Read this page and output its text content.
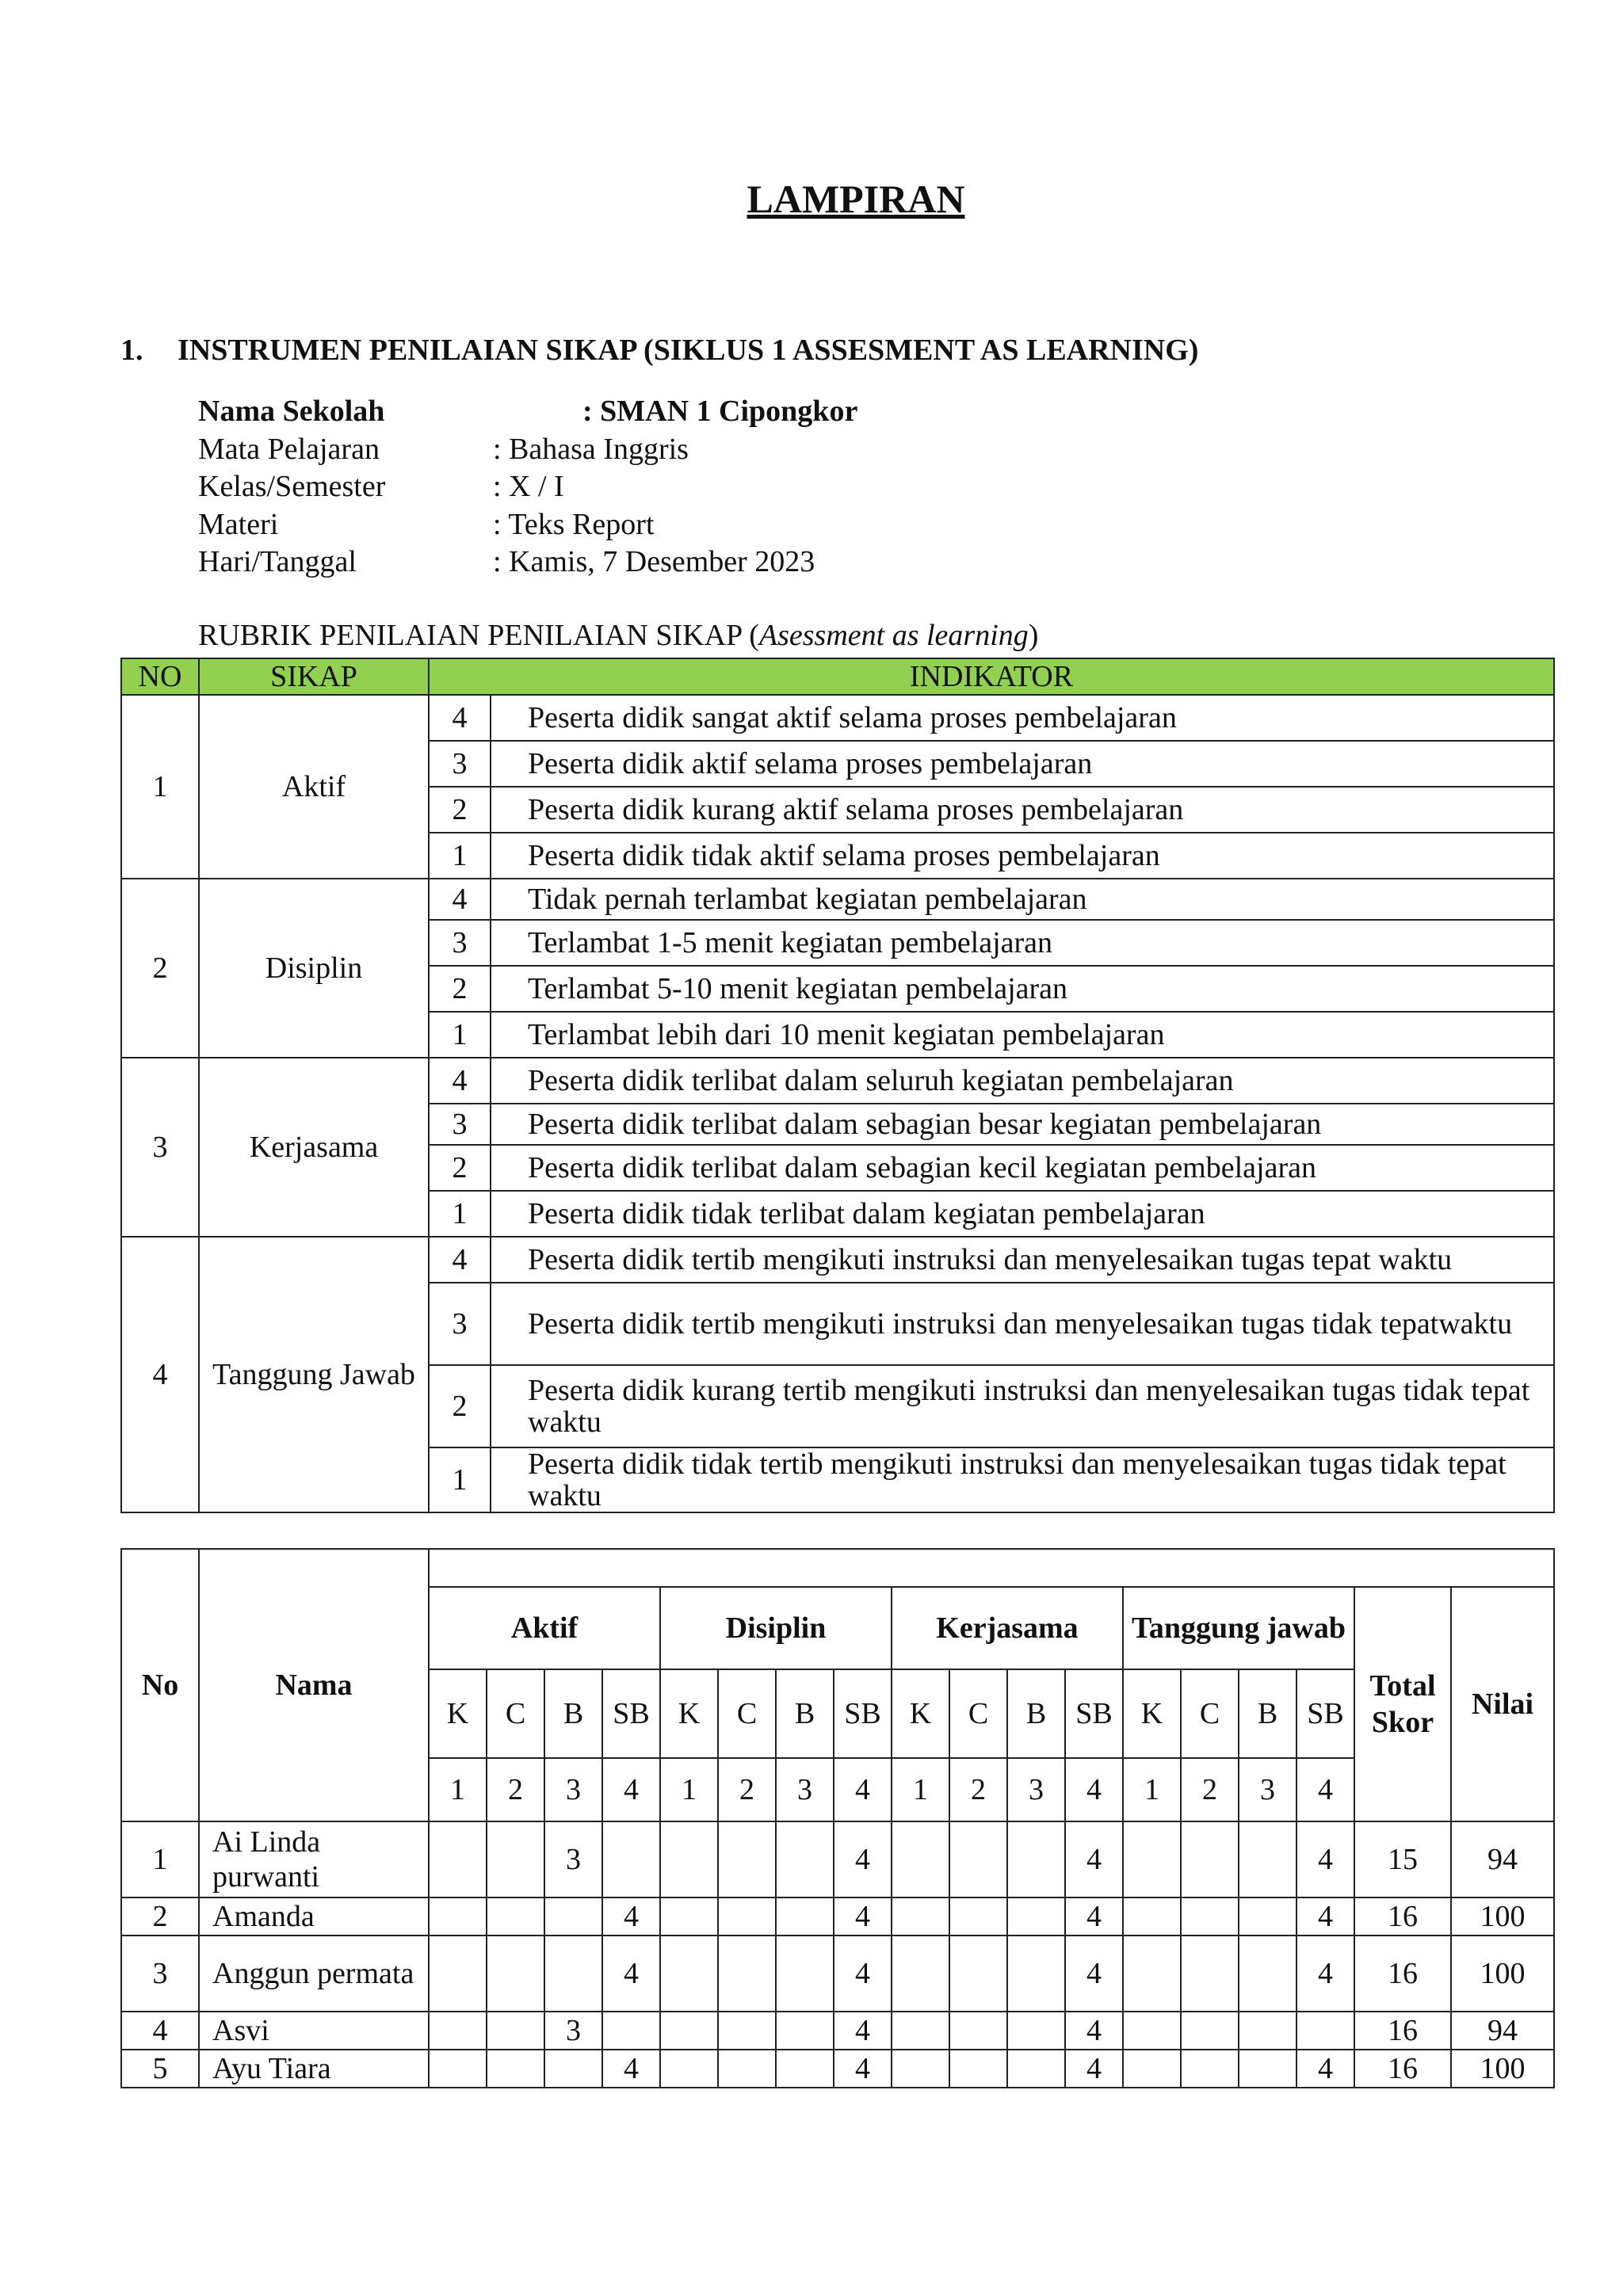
LAMPIRAN
1. INSTRUMEN PENILAIAN SIKAP (SIKLUS 1 ASSESMENT AS LEARNING)
Nama Sekolah	: SMAN 1 Cipongkor
Mata Pelajaran	: Bahasa Inggris
Kelas/Semester	: X / I
Materi	: Teks Report
Hari/Tanggal	: Kamis, 7 Desember 2023
RUBRIK PENILAIAN PENILAIAN SIKAP (Asessment as learning)
NO	SIKAP	INDIKATOR	
1	Aktif	4	Peserta didik sangat aktif selama proses pembelajaran
		3	Peserta didik aktif selama proses pembelajaran
		2	Peserta didik kurang aktif selama proses pembelajaran
		1	Peserta didik tidak aktif selama proses pembelajaran
2	Disiplin	4	Tidak pernah terlambat kegiatan pembelajaran
		3	Terlambat 1-5 menit kegiatan pembelajaran
		2	Terlambat 5-10 menit kegiatan pembelajaran
		1	Terlambat lebih dari 10 menit kegiatan pembelajaran
3	Kerjasama	4	Peserta didik terlibat dalam seluruh kegiatan pembelajaran
		3	Peserta didik terlibat dalam sebagian besar kegiatan pembelajaran
		2	Peserta didik terlibat dalam sebagian kecil kegiatan pembelajaran
		1	Peserta didik tidak terlibat dalam kegiatan pembelajaran
4	Tanggung Jawab	4	Peserta didik tertib mengikuti instruksi dan menyelesaikan tugas tepat waktu
		3	Peserta didik tertib mengikuti instruksi dan menyelesaikan tugas tidak tepatwaktu
		2	Peserta didik kurang tertib mengikuti instruksi dan menyelesaikan tugas tidak tepat waktu
		1	Peserta didik tidak tertib mengikuti instruksi dan menyelesaikan tugas tidak tepat waktu
No	Nama																		
		Aktif				Disiplin				Kerjasama				Tanggung jawab				Total Skor	Nilai
		K	C	B	SB	K	C	B	SB	K	C	B	SB	K	C	B	SB		
		1	2	3	4	1	2	3	4	1	2	3	4	1	2	3	4		
1	Ai Linda purwanti			3					4				4				4	15	94
2	Amanda				4				4				4				4	16	100
3	Anggun permata				4				4				4				4	16	100
4	Asvi			3					4				4					16	94
5	Ayu Tiara				4				4				4				4	16	100
